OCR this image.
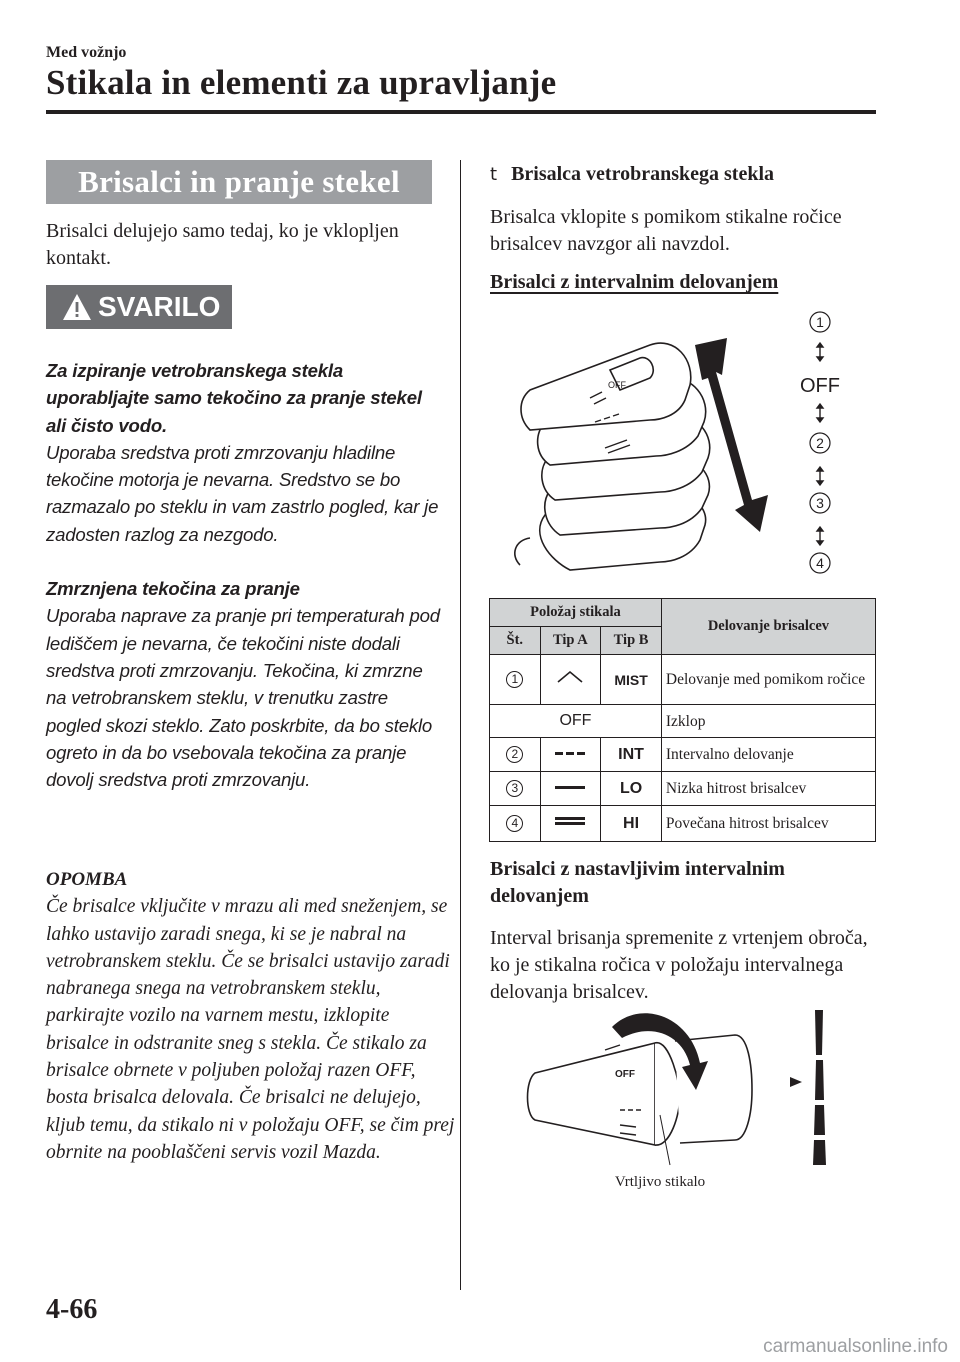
Med vožnjo
Stikala in elementi za upravljanje
Brisalci in pranje stekel
Brisalci delujejo samo tedaj, ko je vklopljen kontakt.
SVARILO

Za izpiranje vetrobranskega stekla uporabljajte samo tekočino za pranje stekel ali čisto vodo.

Uporaba sredstva proti zmrzovanju hladilne tekočine motorja je nevarna. Sredstvo se bo razmazalo po steklu in vam zastrlo pogled, kar je zadosten razlog za nezgodo.

Zmrznjena tekočina za pranje

Uporaba naprave za pranje pri temperaturah pod lediščem je nevarna, če tekočini niste dodali sredstva proti zmrzovanju. Tekočina, ki zmrzne na vetrobranskem steklu, v trenutku zastre pogled skozi steklo. Zato poskrbite, da bo steklo ogreto in da bo vsebovala tekočina za pranje dovolj sredstva proti zmrzovanju.

OPOMBA

Če brisalce vključite v mrazu ali med sneženjem, se lahko ustavijo zaradi snega, ki se je nabral na vetrobranskem steklu. Če se brisalci ustavijo zaradi nabranega snega na vetrobranskem steklu, parkirajte vozilo na varnem mestu, izklopite brisalce in odstranite sneg s stekla. Če stikalo za brisalce obrnete v poljuben položaj razen OFF, bosta brisalca delovala. Če brisalci ne delujejo, kljub temu, da stikalo ni v položaju OFF, se čim prej obrnite na pooblaščeni servis vozil Mazda.

4-66
t Brisalca vetrobranskega stekla
Brisalca vklopite s pomikom stikalne ročice brisalcev navzgor ali navzdol.
Brisalci z intervalnim delovanjem
OFF
1
OFF
2
3
4
Položaj stikala			Delovanje brisalcev
Št.	Tip A	Tip B	
1		MIST	Delovanje med pomikom ročice
OFF			Izklop
2		INT	Intervalno delovanje
3		LO	Nizka hitrost brisalcev
4		HI	Povečana hitrost brisalcev
Brisalci z nastavljivim intervalnim delovanjem
Interval brisanja spremenite z vrtenjem obroča, ko je stikalna ročica v položaju intervalnega delovanja brisalcev.
OFF
Vrtljivo stikalo
carmanualsonline.info
